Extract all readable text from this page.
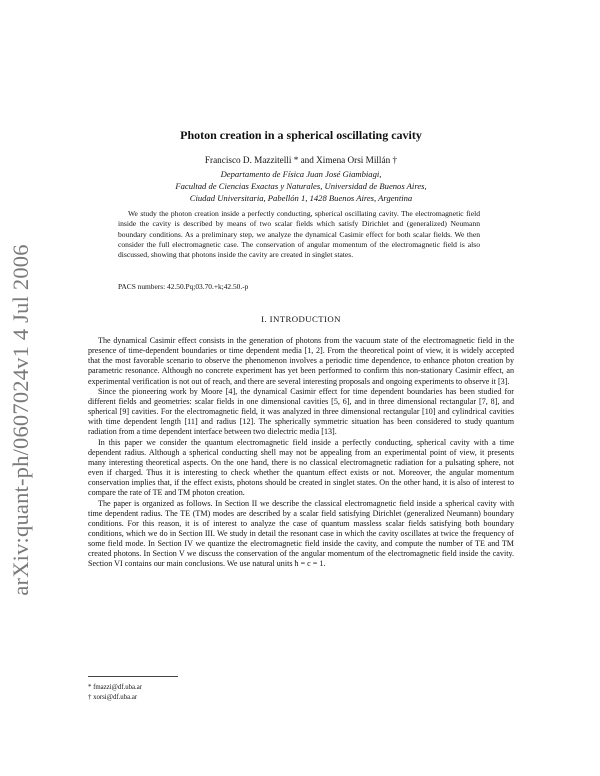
arXiv:quant-ph/0607024v1 4 Jul 2006
Photon creation in a spherical oscillating cavity
Francisco D. Mazzitelli * and Ximena Orsi Millán †
Departamento de Física Juan José Giambiagi,
Facultad de Ciencias Exactas y Naturales, Universidad de Buenos Aires,
Ciudad Universitaria, Pabellón 1, 1428 Buenos Aires, Argentina
We study the photon creation inside a perfectly conducting, spherical oscillating cavity. The electromagnetic field inside the cavity is described by means of two scalar fields which satisfy Dirichlet and (generalized) Neumann boundary conditions. As a preliminary step, we analyze the dynamical Casimir effect for both scalar fields. We then consider the full electromagnetic case. The conservation of angular momentum of the electromagnetic field is also discussed, showing that photons inside the cavity are created in singlet states.
PACS numbers: 42.50.Pq;03.70.+k;42.50.-p
I. INTRODUCTION

The dynamical Casimir effect consists in the generation of photons from the vacuum state of the electromagnetic field in the presence of time-dependent boundaries or time dependent media [1, 2]. From the theoretical point of view, it is widely accepted that the most favorable scenario to observe the phenomenon involves a periodic time dependence, to enhance photon creation by parametric resonance. Although no concrete experiment has yet been performed to confirm this non-stationary Casimir effect, an experimental verification is not out of reach, and there are several interesting proposals and ongoing experiments to observe it [3].

Since the pioneering work by Moore [4], the dynamical Casimir effect for time dependent boundaries has been studied for different fields and geometries: scalar fields in one dimensional cavities [5, 6], and in three dimensional rectangular [7, 8], and spherical [9] cavities. For the electromagnetic field, it was analyzed in three dimensional rectangular [10] and cylindrical cavities with time dependent length [11] and radius [12]. The spherically symmetric situation has been considered to study quantum radiation from a time dependent interface between two dielectric media [13].

In this paper we consider the quantum electromagnetic field inside a perfectly conducting, spherical cavity with a time dependent radius. Although a spherical conducting shell may not be appealing from an experimental point of view, it presents many interesting theoretical aspects. On the one hand, there is no classical electromagnetic radiation for a pulsating sphere, not even if charged. Thus it is interesting to check whether the quantum effect exists or not. Moreover, the angular momentum conservation implies that, if the effect exists, photons should be created in singlet states. On the other hand, it is also of interest to compare the rate of TE and TM photon creation.

The paper is organized as follows. In Section II we describe the classical electromagnetic field inside a spherical cavity with time dependent radius. The TE (TM) modes are described by a scalar field satisfying Dirichlet (generalized Neumann) boundary conditions. For this reason, it is of interest to analyze the case of quantum massless scalar fields satisfying both boundary conditions, which we do in Section III. We study in detail the resonant case in which the cavity oscillates at twice the frequency of some field mode. In Section IV we quantize the electromagnetic field inside the cavity, and compute the number of TE and TM created photons. In Section V we discuss the conservation of the angular momentum of the electromagnetic field inside the cavity. Section VI contains our main conclusions. We use natural units ħ = c = 1.

* fmazzi@df.uba.ar
† xorsi@df.uba.ar
